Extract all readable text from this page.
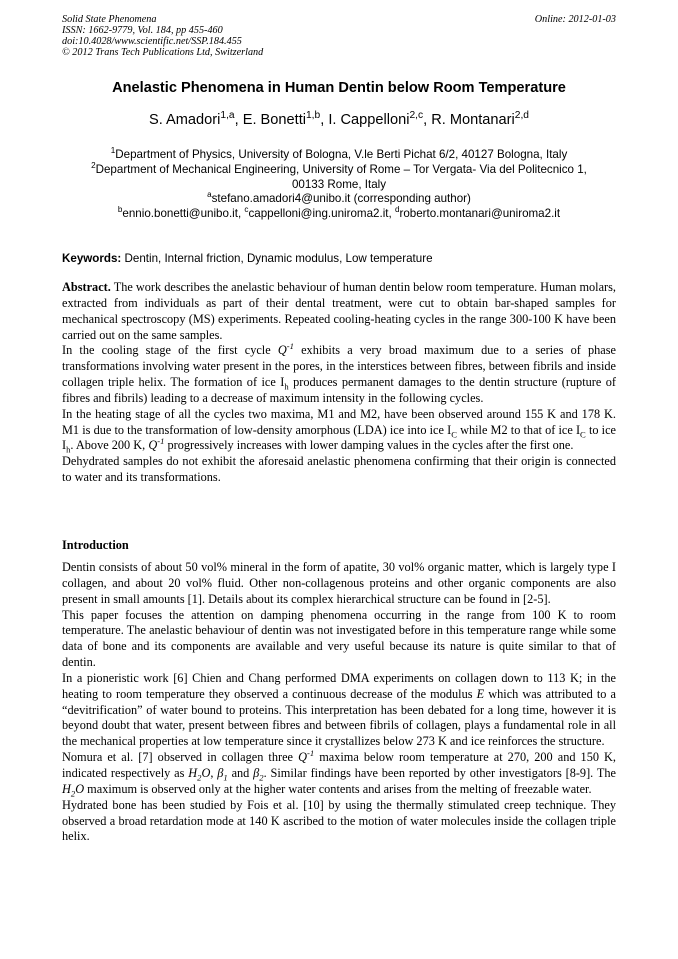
Solid State Phenomena
ISSN: 1662-9779, Vol. 184, pp 455-460
doi:10.4028/www.scientific.net/SSP.184.455
© 2012 Trans Tech Publications Ltd, Switzerland
Online: 2012-01-03
Anelastic Phenomena in Human Dentin below Room Temperature
S. Amadori$^{1,a}$, E. Bonetti$^{1,b}$, I. Cappelloni$^{2,c}$, R. Montanari$^{2,d}$
$^1$Department of Physics, University of Bologna, V.le Berti Pichat 6/2, 40127 Bologna, Italy
$^2$Department of Mechanical Engineering, University of Rome – Tor Vergata- Via del Politecnico 1,
00133 Rome, Italy
$^a$stefano.amadori4@unibo.it (corresponding author)
$^b$ennio.bonetti@unibo.it, $^c$cappelloni@ing.uniroma2.it, $^d$roberto.montanari@uniroma2.it
Keywords: Dentin, Internal friction, Dynamic modulus, Low temperature

Abstract. The work describes the anelastic behaviour of human dentin below room temperature. Human molars, extracted from individuals as part of their dental treatment, were cut to obtain bar-shaped samples for mechanical spectroscopy (MS) experiments. Repeated cooling-heating cycles in the range 300-100 K have been carried out on the same samples.

In the cooling stage of the first cycle $Q^{-1}$ exhibits a very broad maximum due to a series of phase transformations involving water present in the pores, in the interstices between fibres, between fibrils and inside collagen triple helix. The formation of ice $I_h$ produces permanent damages to the dentin structure (rupture of fibres and fibrils) leading to a decrease of maximum intensity in the following cycles.

In the heating stage of all the cycles two maxima, M1 and M2, have been observed around 155 K and 178 K. M1 is due to the transformation of low-density amorphous (LDA) ice into ice $I_C$ while M2 to that of ice $I_C$ to ice $I_h$. Above 200 K, $Q^{-1}$ progressively increases with lower damping values in the cycles after the first one.

Dehydrated samples do not exhibit the aforesaid anelastic phenomena confirming that their origin is connected to water and its transformations.

Introduction

Dentin consists of about 50 vol% mineral in the form of apatite, 30 vol% organic matter, which is largely type I collagen, and about 20 vol% fluid. Other non-collagenous proteins and other organic components are also present in small amounts [1]. Details about its complex hierarchical structure can be found in [2-5].

This paper focuses the attention on damping phenomena occurring in the range from 100 K to room temperature. The anelastic behaviour of dentin was not investigated before in this temperature range while some data of bone and its components are available and very useful because its nature is quite similar to that of dentin.

In a pioneristic work [6] Chien and Chang performed DMA experiments on collagen down to 113 K; in the heating to room temperature they observed a continuous decrease of the modulus E which was attributed to a “devitrification” of water bound to proteins. This interpretation has been debated for a long time, however it is beyond doubt that water, present between fibres and between fibrils of collagen, plays a fundamental role in all the mechanical properties at low temperature since it crystallizes below 273 K and ice reinforces the structure.

Nomura et al. [7] observed in collagen three $Q^{-1}$ maxima below room temperature at 270, 200 and 150 K, indicated respectively as $H_2O$, $\beta_1$ and $\beta_2$. Similar findings have been reported by other investigators [8-9]. The $H_2O$ maximum is observed only at the higher water contents and arises from the melting of freezable water.

Hydrated bone has been studied by Fois et al. [10] by using the thermally stimulated creep technique. They observed a broad retardation mode at 140 K ascribed to the motion of water molecules inside the collagen triple helix.
